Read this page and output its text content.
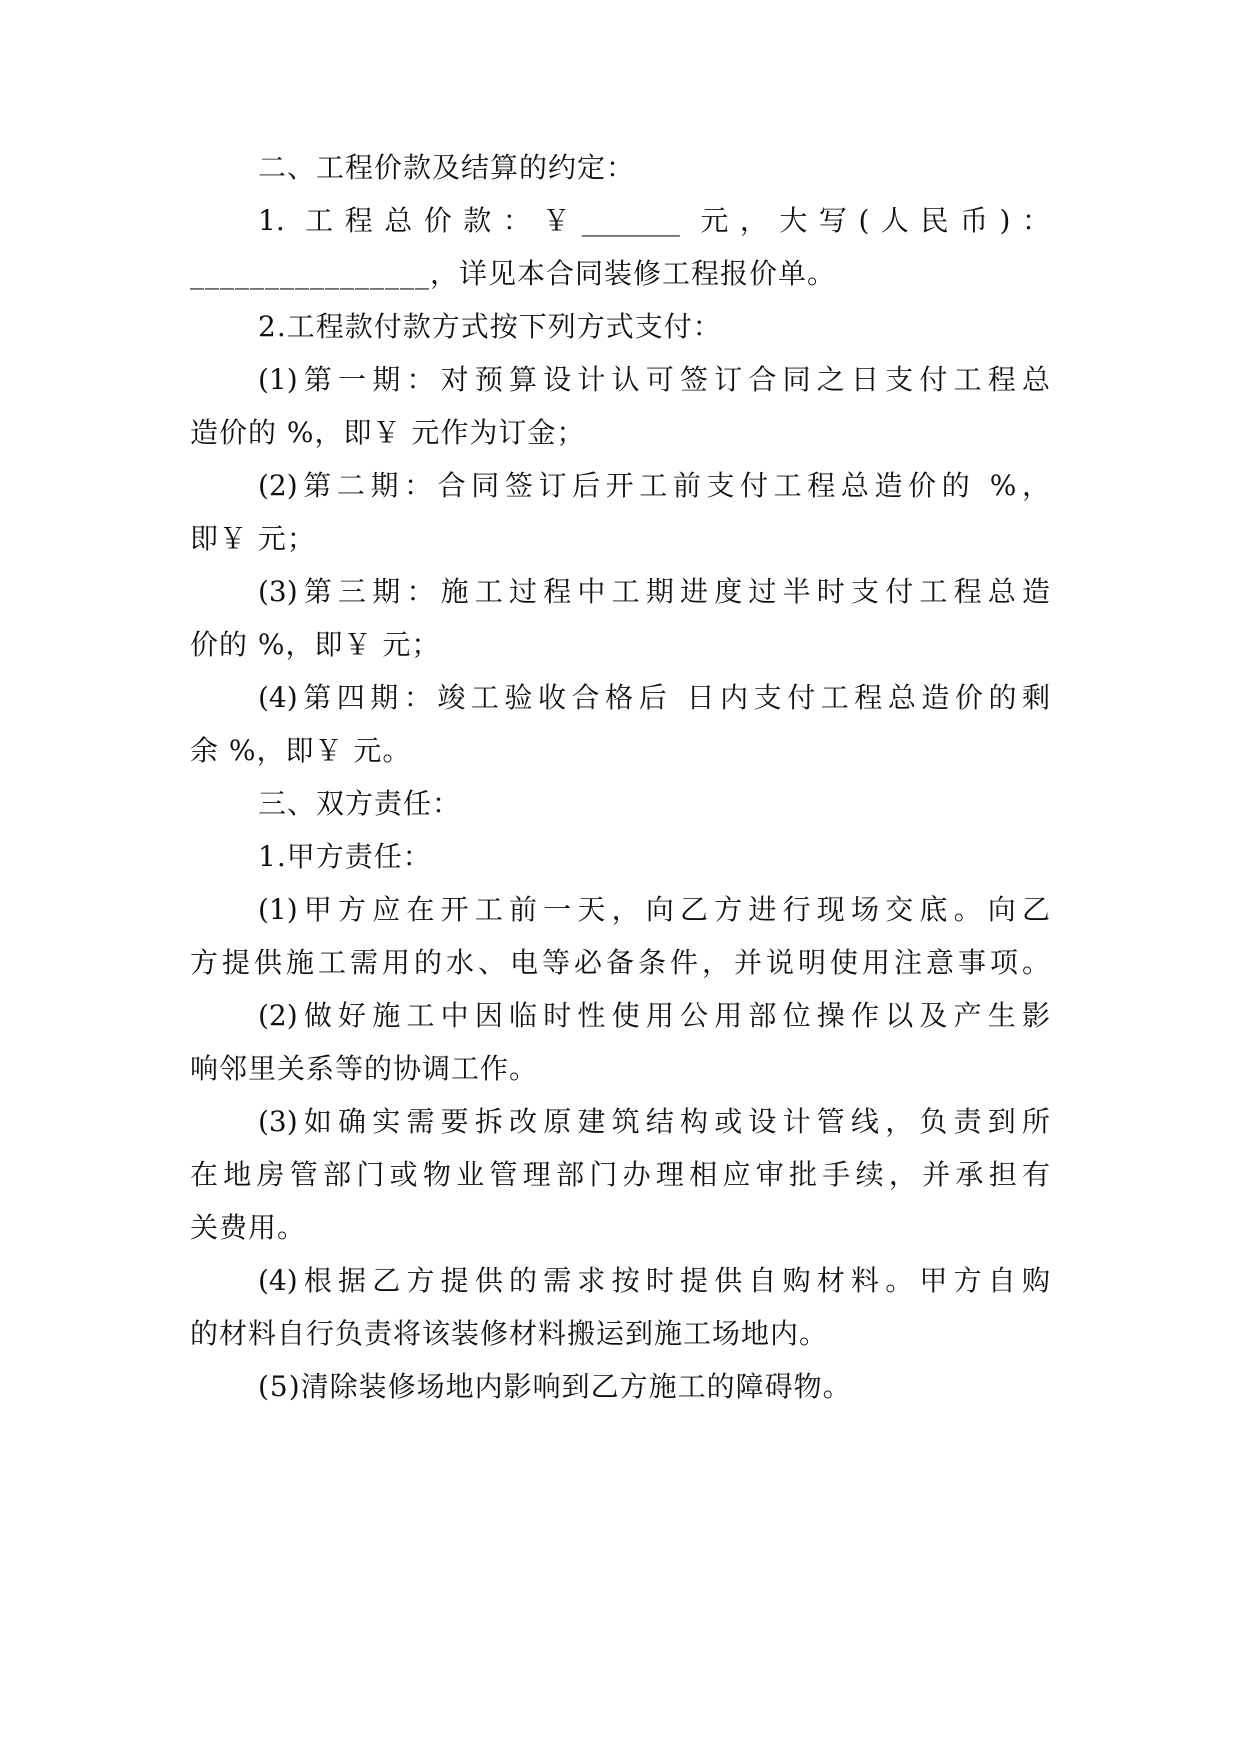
二、工程价款及结算的约定：
1. 工程总价款：￥_______ 元，大写(人民币)：
________________，详见本合同装修工程报价单。
2.工程款付款方式按下列方式支付：
(1)第一期：对预算设计认可签订合同之日支付工程总
造价的 %，即￥ 元作为订金；
(2)第二期：合同签订后开工前支付工程总造价的 %，
即￥ 元；
(3)第三期：施工过程中工期进度过半时支付工程总造
价的 %，即￥ 元；
(4)第四期：竣工验收合格后 日内支付工程总造价的剩
余 %，即￥ 元。
三、双方责任：
1.甲方责任：
(1)甲方应在开工前一天，向乙方进行现场交底。向乙
方提供施工需用的水、电等必备条件，并说明使用注意事项。
(2)做好施工中因临时性使用公用部位操作以及产生影
响邻里关系等的协调工作。
(3)如确实需要拆改原建筑结构或设计管线，负责到所
在地房管部门或物业管理部门办理相应审批手续，并承担有
关费用。
(4)根据乙方提供的需求按时提供自购材料。甲方自购
的材料自行负责将该装修材料搬运到施工场地内。
(5)清除装修场地内影响到乙方施工的障碍物。
